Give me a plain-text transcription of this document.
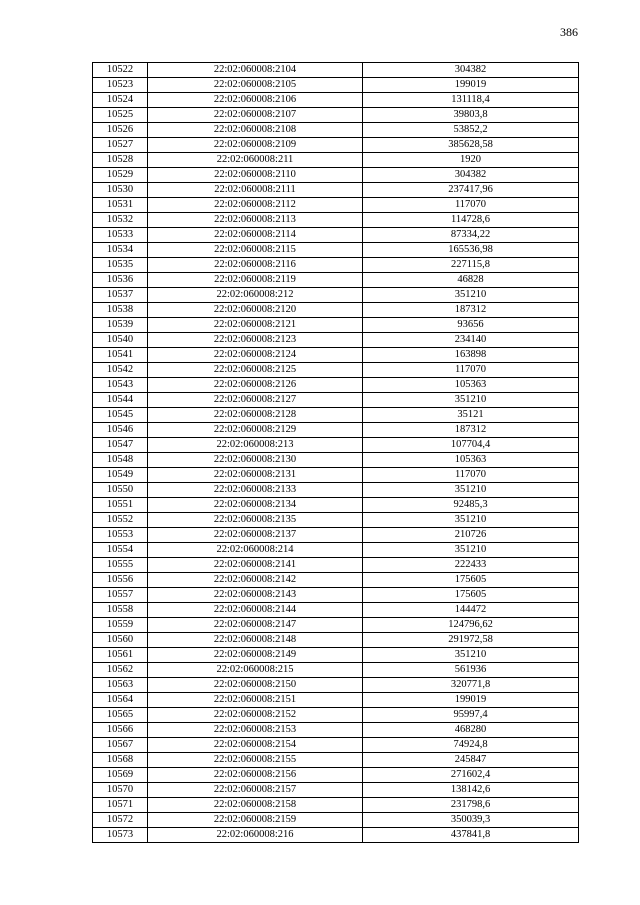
386
10522	22:02:060008:2104	304382
10523	22:02:060008:2105	199019
10524	22:02:060008:2106	131118,4
10525	22:02:060008:2107	39803,8
10526	22:02:060008:2108	53852,2
10527	22:02:060008:2109	385628,58
10528	22:02:060008:211	1920
10529	22:02:060008:2110	304382
10530	22:02:060008:2111	237417,96
10531	22:02:060008:2112	117070
10532	22:02:060008:2113	114728,6
10533	22:02:060008:2114	87334,22
10534	22:02:060008:2115	165536,98
10535	22:02:060008:2116	227115,8
10536	22:02:060008:2119	46828
10537	22:02:060008:212	351210
10538	22:02:060008:2120	187312
10539	22:02:060008:2121	93656
10540	22:02:060008:2123	234140
10541	22:02:060008:2124	163898
10542	22:02:060008:2125	117070
10543	22:02:060008:2126	105363
10544	22:02:060008:2127	351210
10545	22:02:060008:2128	35121
10546	22:02:060008:2129	187312
10547	22:02:060008:213	107704,4
10548	22:02:060008:2130	105363
10549	22:02:060008:2131	117070
10550	22:02:060008:2133	351210
10551	22:02:060008:2134	92485,3
10552	22:02:060008:2135	351210
10553	22:02:060008:2137	210726
10554	22:02:060008:214	351210
10555	22:02:060008:2141	222433
10556	22:02:060008:2142	175605
10557	22:02:060008:2143	175605
10558	22:02:060008:2144	144472
10559	22:02:060008:2147	124796,62
10560	22:02:060008:2148	291972,58
10561	22:02:060008:2149	351210
10562	22:02:060008:215	561936
10563	22:02:060008:2150	320771,8
10564	22:02:060008:2151	199019
10565	22:02:060008:2152	95997,4
10566	22:02:060008:2153	468280
10567	22:02:060008:2154	74924,8
10568	22:02:060008:2155	245847
10569	22:02:060008:2156	271602,4
10570	22:02:060008:2157	138142,6
10571	22:02:060008:2158	231798,6
10572	22:02:060008:2159	350039,3
10573	22:02:060008:216	437841,8
